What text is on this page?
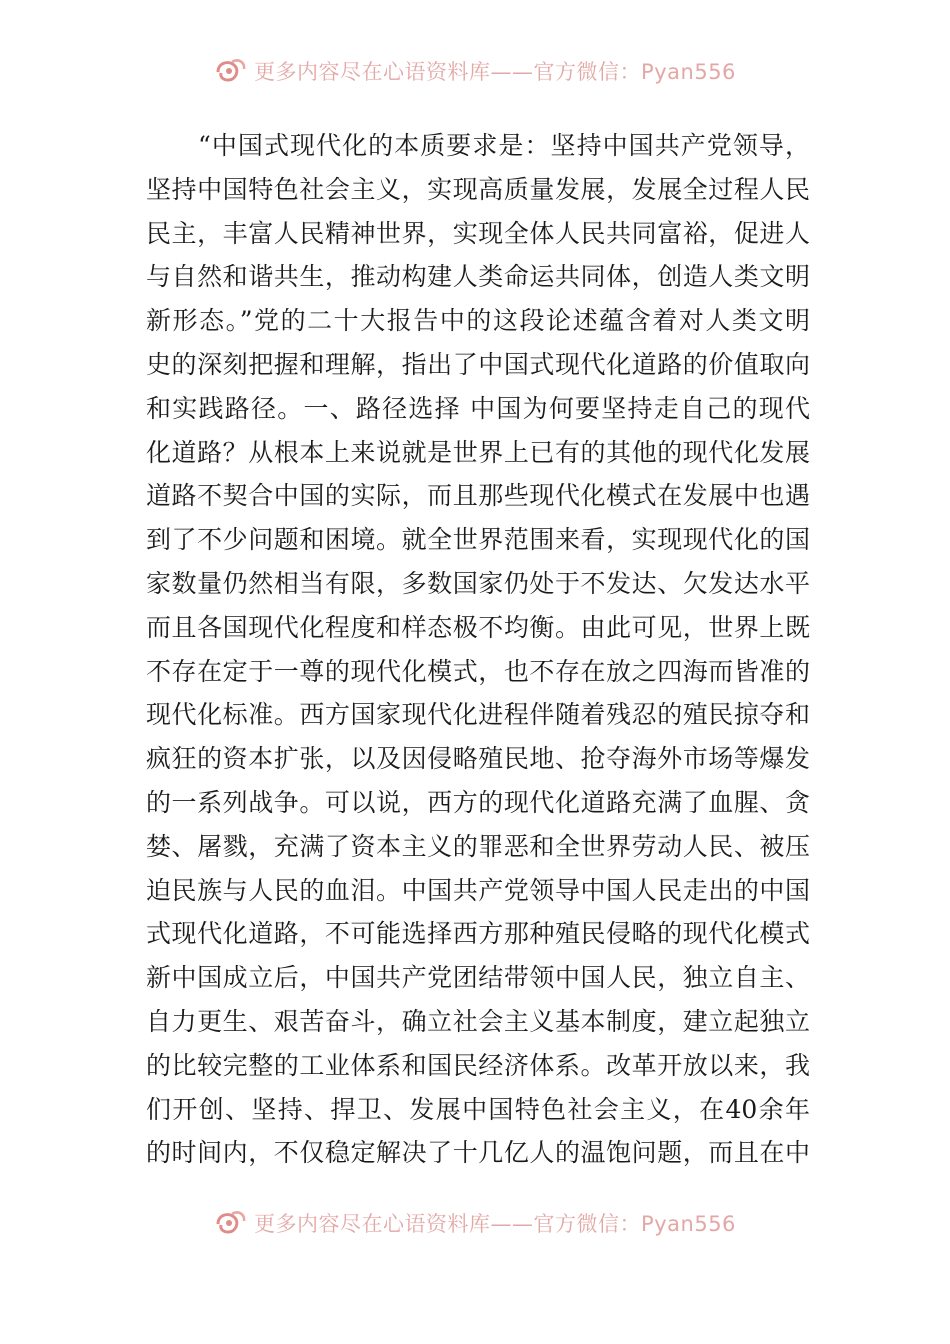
更多内容尽在心语资料库——官方微信：Pyan556
“中国式现代化的本质要求是：坚持中国共产党领导，
坚持中国特色社会主义，实现高质量发展，发展全过程人民
民主，丰富人民精神世界，实现全体人民共同富裕，促进人
与自然和谐共生，推动构建人类命运共同体，创造人类文明
新形态。”党的二十大报告中的这段论述蕴含着对人类文明
史的深刻把握和理解，指出了中国式现代化道路的价值取向
和实践路径。一、路径选择 中国为何要坚持走自己的现代
化道路？从根本上来说就是世界上已有的其他的现代化发展
道路不契合中国的实际，而且那些现代化模式在发展中也遇
到了不少问题和困境。就全世界范围来看，实现现代化的国
家数量仍然相当有限，多数国家仍处于不发达、欠发达水平
而且各国现代化程度和样态极不均衡。由此可见，世界上既
不存在定于一尊的现代化模式，也不存在放之四海而皆准的
现代化标准。西方国家现代化进程伴随着残忍的殖民掠夺和
疯狂的资本扩张，以及因侵略殖民地、抢夺海外市场等爆发
的一系列战争。可以说，西方的现代化道路充满了血腥、贪
婪、屠戮，充满了资本主义的罪恶和全世界劳动人民、被压
迫民族与人民的血泪。中国共产党领导中国人民走出的中国
式现代化道路，不可能选择西方那种殖民侵略的现代化模式
新中国成立后，中国共产党团结带领中国人民，独立自主、
自力更生、艰苦奋斗，确立社会主义基本制度，建立起独立
的比较完整的工业体系和国民经济体系。改革开放以来，我
们开创、坚持、捍卫、发展中国特色社会主义，在40余年
的时间内，不仅稳定解决了十几亿人的温饱问题，而且在中
更多内容尽在心语资料库——官方微信：Pyan556
